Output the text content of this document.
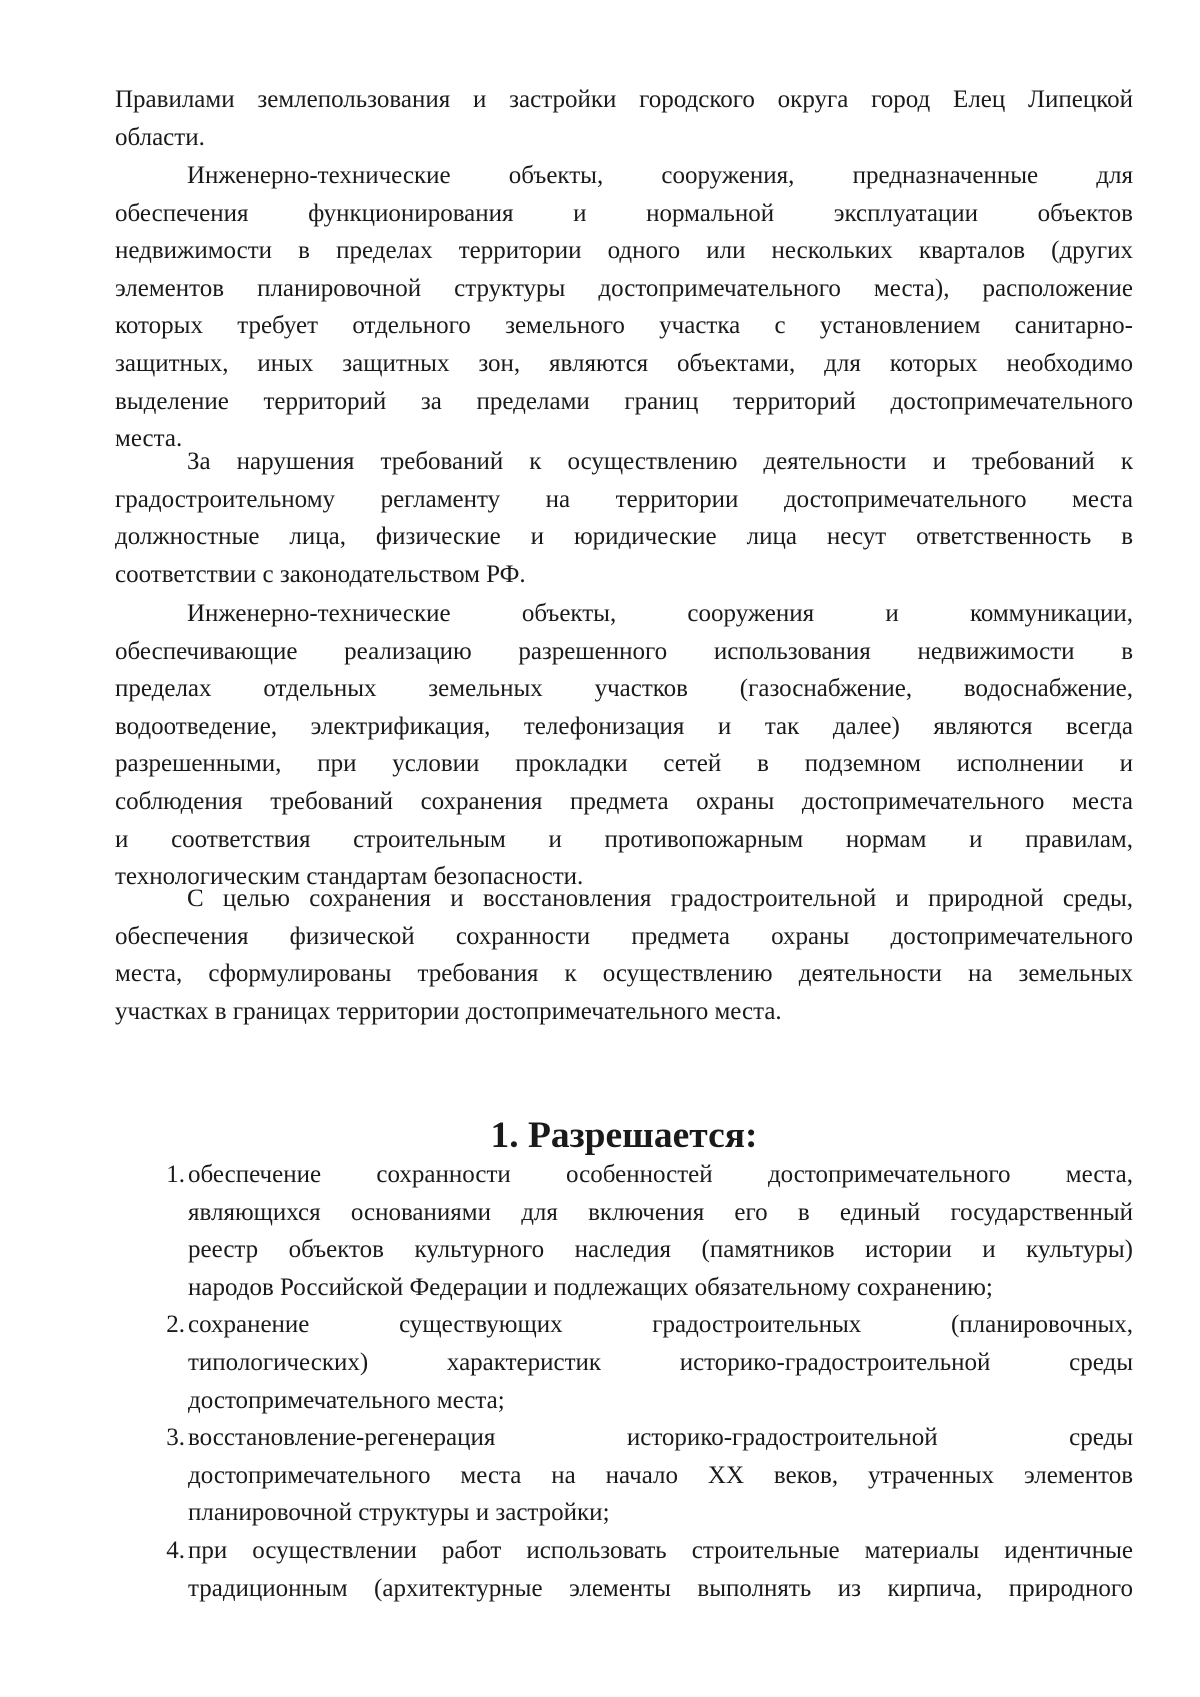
Правилами землепользования и застройки городского округа город Елец Липецкой
области.
Инженерно-технические объекты, сооружения, предназначенные для
обеспечения функционирования и нормальной эксплуатации объектов
недвижимости в пределах территории одного или нескольких кварталов (других
элементов планировочной структуры достопримечательного места), расположение
которых требует отдельного земельного участка с установлением санитарно-
защитных, иных защитных зон, являются объектами, для которых необходимо
выделение территорий за пределами границ территорий достопримечательного
места.
За нарушения требований к осуществлению деятельности и требований к
градостроительному регламенту на территории достопримечательного места
должностные лица, физические и юридические лица несут ответственность в
соответствии с законодательством РФ.
Инженерно-технические объекты, сооружения и коммуникации,
обеспечивающие реализацию разрешенного использования недвижимости в
пределах отдельных земельных участков (газоснабжение, водоснабжение,
водоотведение, электрификация, телефонизация и так далее) являются всегда
разрешенными, при условии прокладки сетей в подземном исполнении и
соблюдения требований сохранения предмета охраны достопримечательного места
и соответствия строительным и противопожарным нормам и правилам,
технологическим стандартам безопасности.
С целью сохранения и восстановления градостроительной и природной среды,
обеспечения физической сохранности предмета охраны достопримечательного
места, сформулированы требования к осуществлению деятельности на земельных
участках в границах территории достопримечательного места.
1. Разрешается:
1. обеспечение сохранности особенностей достопримечательного места,
являющихся основаниями для включения его в единый государственный
реестр объектов культурного наследия (памятников истории и культуры)
народов Российской Федерации и подлежащих обязательному сохранению;
2. сохранение существующих градостроительных (планировочных,
типологических) характеристик историко-градостроительной среды
достопримечательного места;
3. восстановление-регенерация историко-градостроительной среды
достопримечательного места на начало XX веков, утраченных элементов
планировочной структуры и застройки;
4. при осуществлении работ использовать строительные материалы идентичные
традиционным (архитектурные элементы выполнять из кирпича, природного
